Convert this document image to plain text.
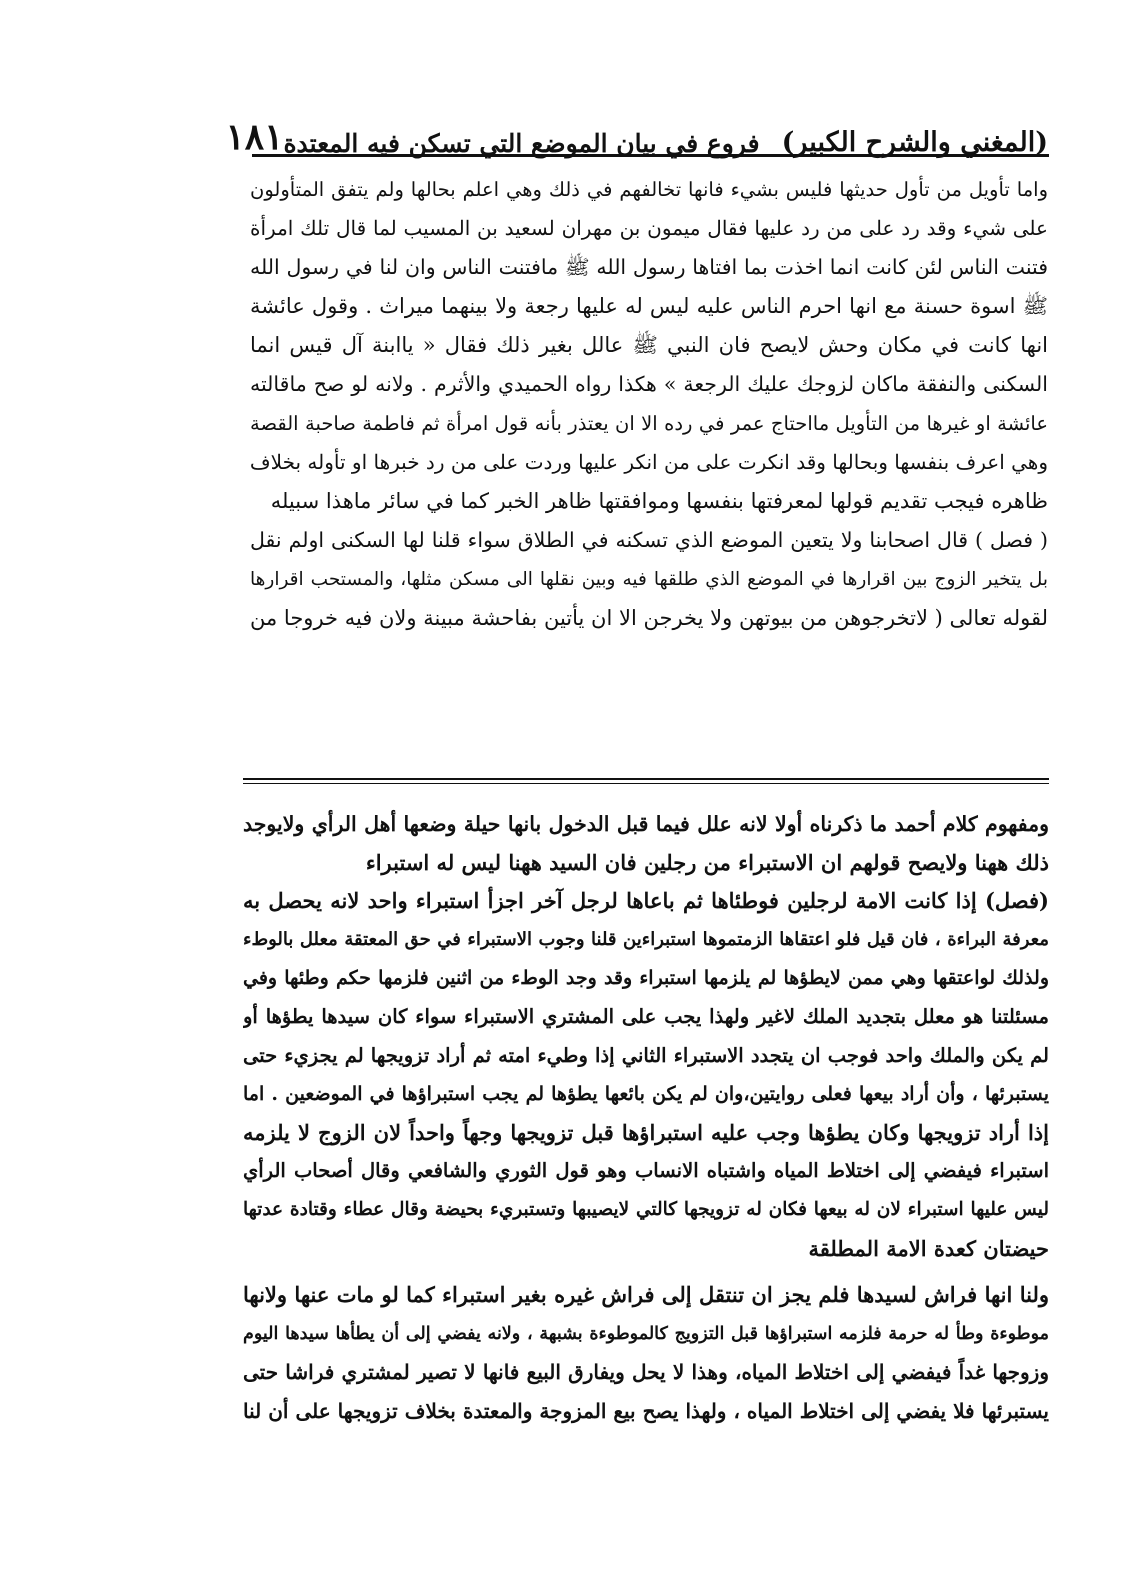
(المغني والشرح الكبير)
فروع في بيان الموضع التي تسكن فيه المعتدة
١٨١
واما تأويل من تأول حديثها فليس بشيء فانها تخالفهم في ذلك وهي اعلم بحالها ولم يتفق المتأولون
على شيء وقد رد على من رد عليها فقال ميمون بن مهران لسعيد بن المسيب لما قال تلك امرأة
فتنت الناس لئن كانت انما اخذت بما افتاها رسول الله ﷺ مافتنت الناس وان لنا في رسول الله
ﷺ اسوة حسنة مع انها احرم الناس عليه ليس له عليها رجعة ولا بينهما ميراث . وقول عائشة
انها كانت في مكان وحش لايصح فان النبي ﷺ عالل بغير ذلك فقال « ياابنة آل قيس انما
السكنى والنفقة ماكان لزوجك عليك الرجعة » هكذا رواه الحميدي والأثرم . ولانه لو صح ماقالته
عائشة او غيرها من التأويل مااحتاج عمر في رده الا ان يعتذر بأنه قول امرأة ثم فاطمة صاحبة القصة
وهي اعرف بنفسها وبحالها وقد انكرت على من انكر عليها وردت على من رد خبرها او تأوله بخلاف
ظاهره فيجب تقديم قولها لمعرفتها بنفسها وموافقتها ظاهر الخبر كما في سائر ماهذا سبيله
( فصل ) قال اصحابنا ولا يتعين الموضع الذي تسكنه في الطلاق سواء قلنا لها السكنى اولم نقل
بل يتخير الزوج بين اقرارها في الموضع الذي طلقها فيه وبين نقلها الى مسكن مثلها، والمستحب اقرارها
لقوله تعالى ( لاتخرجوهن من بيوتهن ولا يخرجن الا ان يأتين بفاحشة مبينة ولان فيه خروجا من
ومفهوم كلام أحمد ما ذكرناه أولا لانه علل فيما قبل الدخول بانها حيلة وضعها أهل الرأي ولايوجد
ذلك ههنا ولايصح قولهم ان الاستبراء من رجلين فان السيد ههنا ليس له استبراء
(فصل) إذا كانت الامة لرجلين فوطئاها ثم باعاها لرجل آخر اجزأ استبراء واحد لانه يحصل به
معرفة البراءة ، فان قيل فلو اعتقاها الزمتموها استبراءين قلنا وجوب الاستبراء في حق المعتقة معلل بالوطء
ولذلك لواعتقها وهي ممن لايطؤها لم يلزمها استبراء وقد وجد الوطء من اثنين فلزمها حكم وطئها وفي
مسئلتنا هو معلل بتجديد الملك لاغير ولهذا يجب على المشتري الاستبراء سواء كان سيدها يطؤها أو
لم يكن والملك واحد فوجب ان يتجدد الاستبراء الثاني إذا وطيء امته ثم أراد تزويجها لم يجزيء حتى
يستبرئها ، وأن أراد بيعها فعلى روايتين،وان لم يكن بائعها يطؤها لم يجب استبراؤها في الموضعين . اما
إذا أراد تزويجها وكان يطؤها وجب عليه استبراؤها قبل تزويجها وجهاً واحداً لان الزوج لا يلزمه
استبراء فيفضي إلى اختلاط المياه واشتباه الانساب وهو قول الثوري والشافعي وقال أصحاب الرأي
ليس عليها استبراء لان له بيعها فكان له تزويجها كالتي لايصيبها وتستبريء بحيضة وقال عطاء وقتادة عدتها
حيضتان كعدة الامة المطلقة
ولنا انها فراش لسيدها فلم يجز ان تنتقل إلى فراش غيره بغير استبراء كما لو مات عنها ولانها
موطوءة وطأ له حرمة فلزمه استبراؤها قبل التزويج كالموطوءة بشبهة ، ولانه يفضي إلى أن يطأها سيدها اليوم
وزوجها غداً فيفضي إلى اختلاط المياه، وهذا لا يحل ويفارق البيع فانها لا تصير لمشتري فراشا حتى
يستبرئها فلا يفضي إلى اختلاط المياه ، ولهذا يصح بيع المزوجة والمعتدة بخلاف تزويجها على أن لنا
